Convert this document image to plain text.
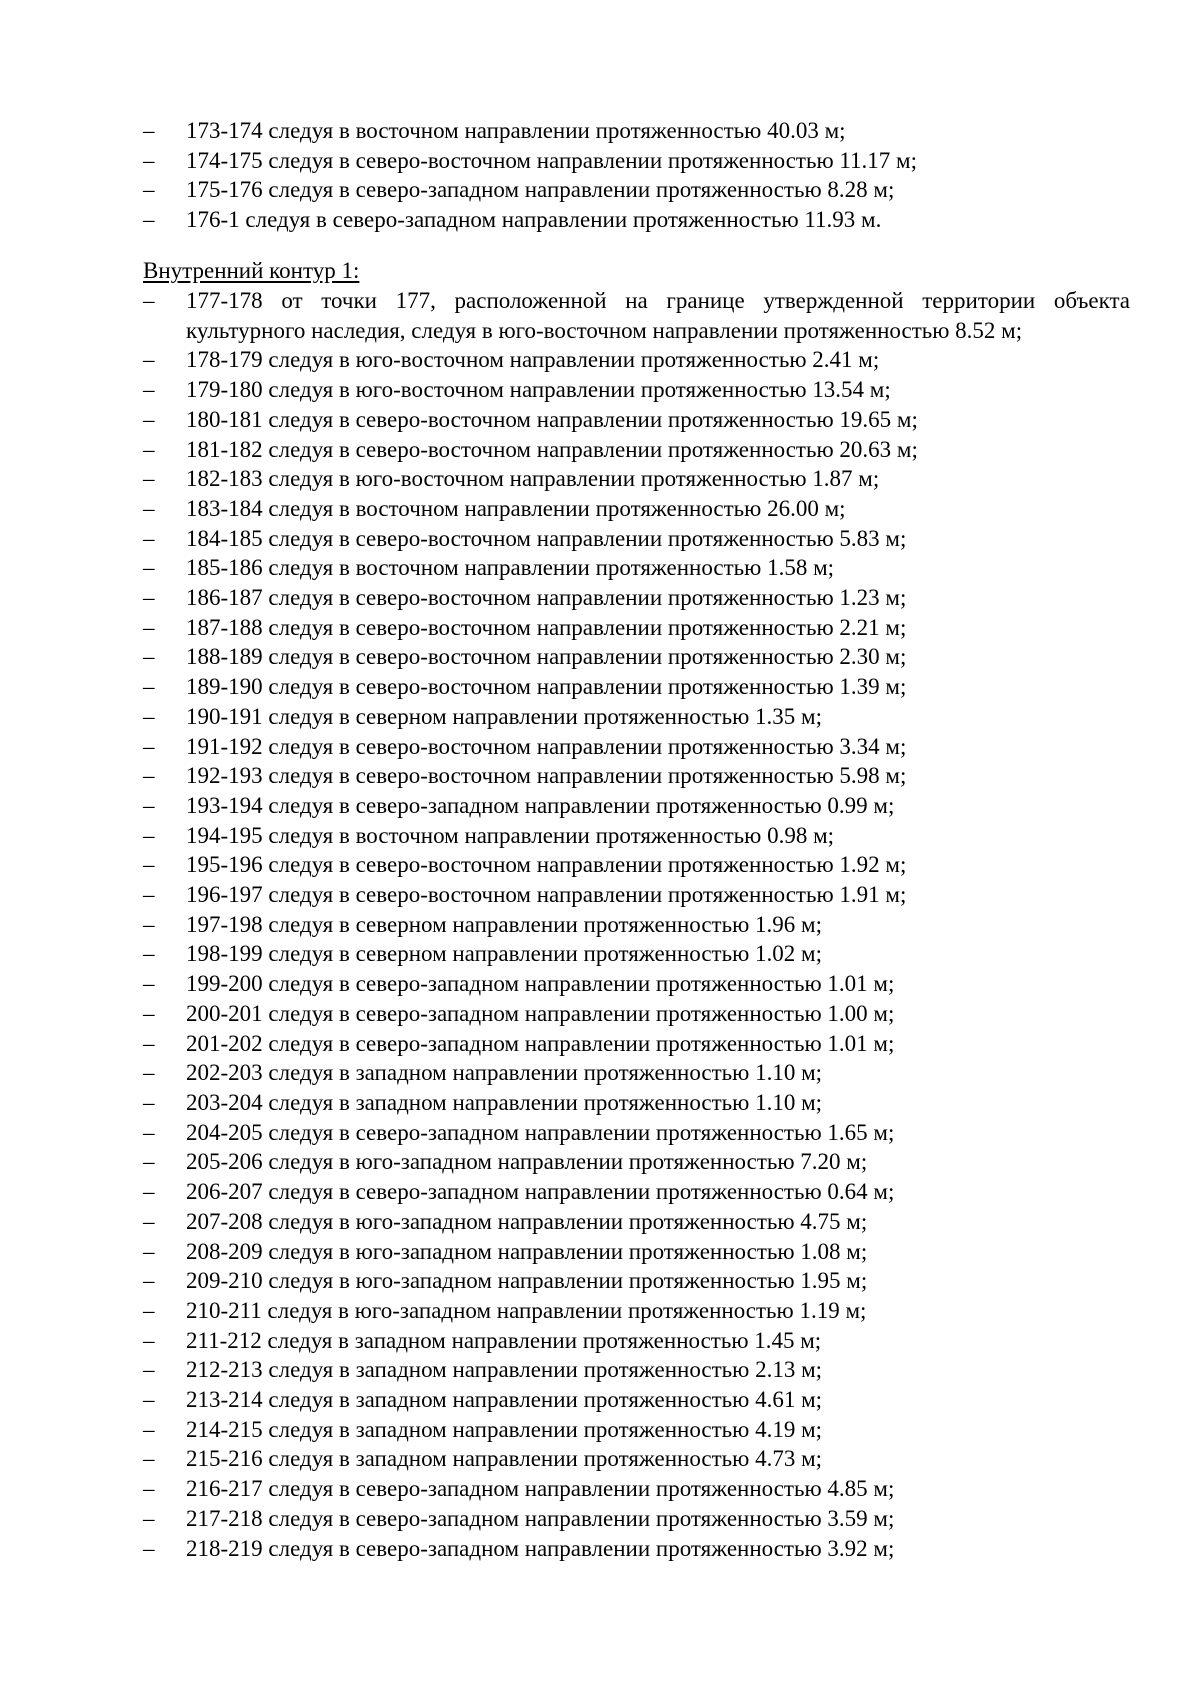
– 173-174 следуя в восточном направлении протяженностью 40.03 м;
– 174-175 следуя в северо-восточном направлении протяженностью 11.17 м;
– 175-176 следуя в северо-западном направлении протяженностью 8.28 м;
– 176-1 следуя в северо-западном направлении протяженностью 11.93 м.
Внутренний контур 1:
– 177-178 от точки 177, расположенной на границе утвержденной территории объекта культурного наследия, следуя в юго-восточном направлении протяженностью 8.52 м;
– 178-179 следуя в юго-восточном направлении протяженностью 2.41 м;
– 179-180 следуя в юго-восточном направлении протяженностью 13.54 м;
– 180-181 следуя в северо-восточном направлении протяженностью 19.65 м;
– 181-182 следуя в северо-восточном направлении протяженностью 20.63 м;
– 182-183 следуя в юго-восточном направлении протяженностью 1.87 м;
– 183-184 следуя в восточном направлении протяженностью 26.00 м;
– 184-185 следуя в северо-восточном направлении протяженностью 5.83 м;
– 185-186 следуя в восточном направлении протяженностью 1.58 м;
– 186-187 следуя в северо-восточном направлении протяженностью 1.23 м;
– 187-188 следуя в северо-восточном направлении протяженностью 2.21 м;
– 188-189 следуя в северо-восточном направлении протяженностью 2.30 м;
– 189-190 следуя в северо-восточном направлении протяженностью 1.39 м;
– 190-191 следуя в северном направлении протяженностью 1.35 м;
– 191-192 следуя в северо-восточном направлении протяженностью 3.34 м;
– 192-193 следуя в северо-восточном направлении протяженностью 5.98 м;
– 193-194 следуя в северо-западном направлении протяженностью 0.99 м;
– 194-195 следуя в восточном направлении протяженностью 0.98 м;
– 195-196 следуя в северо-восточном направлении протяженностью 1.92 м;
– 196-197 следуя в северо-восточном направлении протяженностью 1.91 м;
– 197-198 следуя в северном направлении протяженностью 1.96 м;
– 198-199 следуя в северном направлении протяженностью 1.02 м;
– 199-200 следуя в северо-западном направлении протяженностью 1.01 м;
– 200-201 следуя в северо-западном направлении протяженностью 1.00 м;
– 201-202 следуя в северо-западном направлении протяженностью 1.01 м;
– 202-203 следуя в западном направлении протяженностью 1.10 м;
– 203-204 следуя в западном направлении протяженностью 1.10 м;
– 204-205 следуя в северо-западном направлении протяженностью 1.65 м;
– 205-206 следуя в юго-западном направлении протяженностью 7.20 м;
– 206-207 следуя в северо-западном направлении протяженностью 0.64 м;
– 207-208 следуя в юго-западном направлении протяженностью 4.75 м;
– 208-209 следуя в юго-западном направлении протяженностью 1.08 м;
– 209-210 следуя в юго-западном направлении протяженностью 1.95 м;
– 210-211 следуя в юго-западном направлении протяженностью 1.19 м;
– 211-212 следуя в западном направлении протяженностью 1.45 м;
– 212-213 следуя в западном направлении протяженностью 2.13 м;
– 213-214 следуя в западном направлении протяженностью 4.61 м;
– 214-215 следуя в западном направлении протяженностью 4.19 м;
– 215-216 следуя в западном направлении протяженностью 4.73 м;
– 216-217 следуя в северо-западном направлении протяженностью 4.85 м;
– 217-218 следуя в северо-западном направлении протяженностью 3.59 м;
– 218-219 следуя в северо-западном направлении протяженностью 3.92 м;
